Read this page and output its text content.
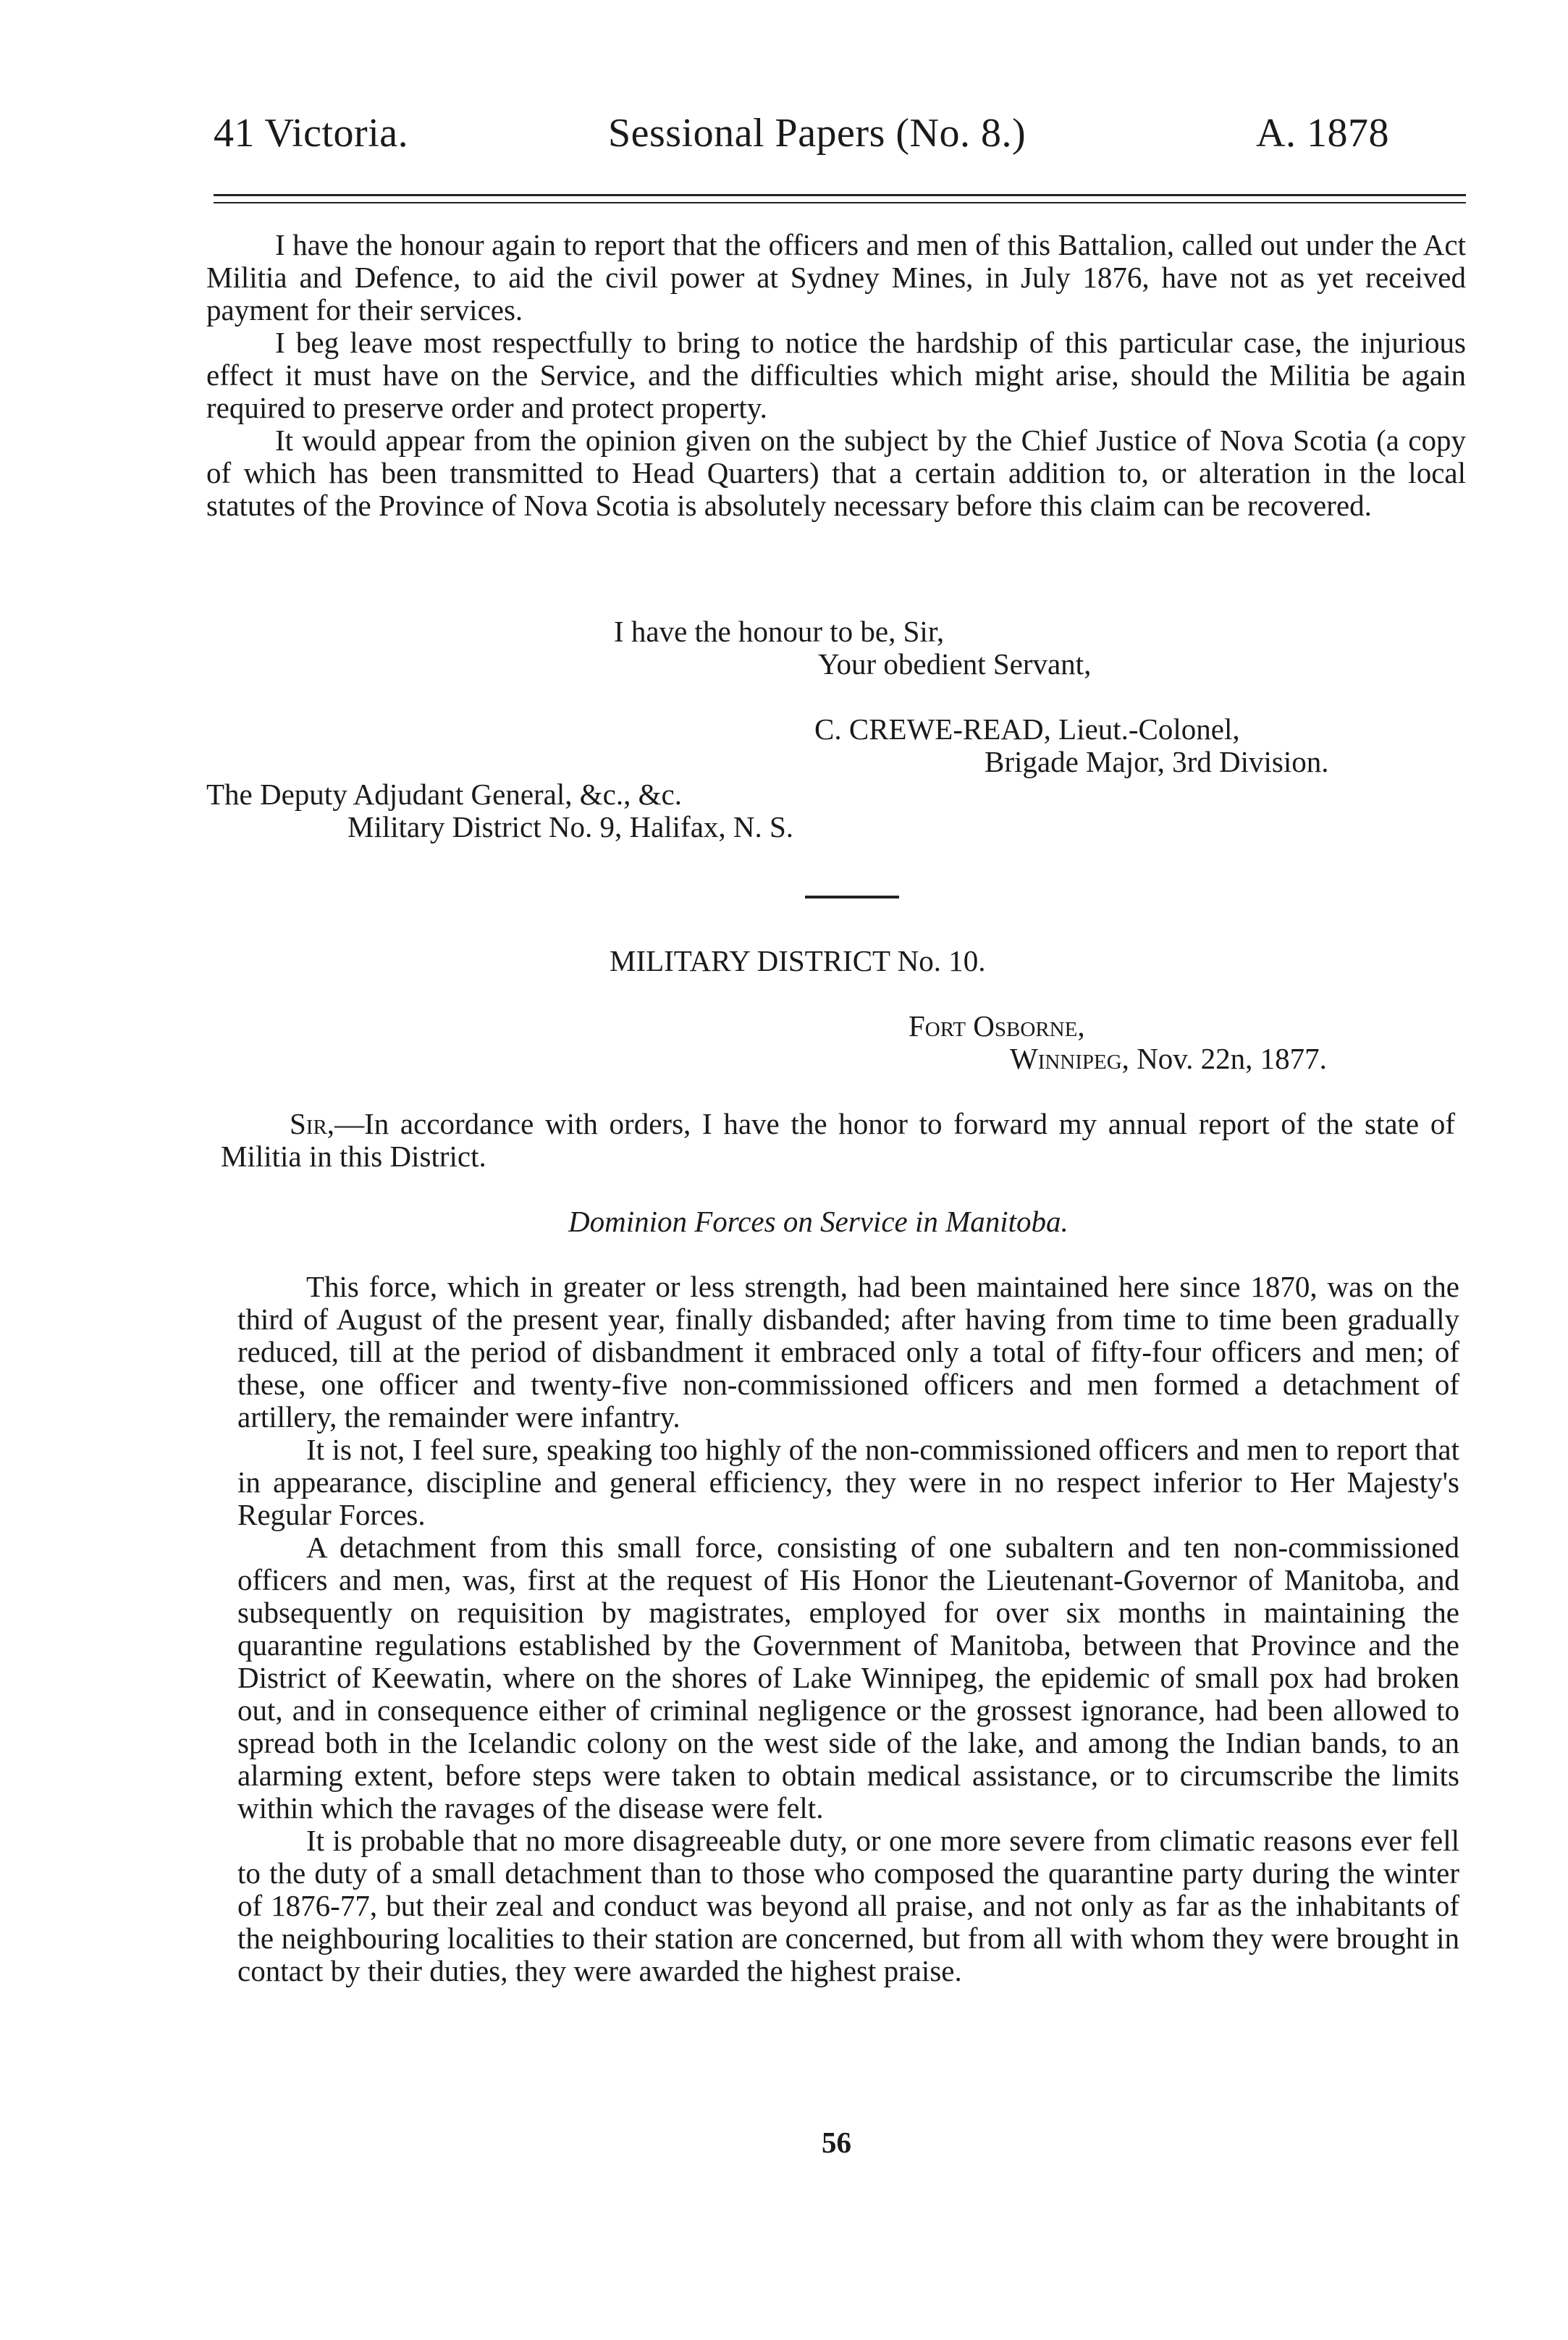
41 Victoria.	Sessional Papers (No. 8.)	A. 1878

I have the honour again to report that the officers and men of this Battalion, called out under the Act Militia and Defence, to aid the civil power at Sydney Mines, in July 1876, have not as yet received payment for their services.

I beg leave most respectfully to bring to notice the hardship of this particular case, the injurious effect it must have on the Service, and the difficulties which might arise, should the Militia be again required to preserve order and protect property.

It would appear from the opinion given on the subject by the Chief Justice of Nova Scotia (a copy of which has been transmitted to Head Quarters) that a certain addition to, or alteration in the local statutes of the Province of Nova Scotia is absolutely necessary before this claim can be recovered.

I have the honour to be, Sir,
Your obedient Servant,
C. CREWE-READ, Lieut.-Colonel,
Brigade Major, 3rd Division.
The Deputy Adjudant General, &c., &c.
Military District No. 9, Halifax, N. S.
MILITARY DISTRICT No. 10.
Fort Osborne,
Winnipeg, Nov. 22n, 1877.

Sir,—In accordance with orders, I have the honor to forward my annual report of the state of Militia in this District.

Dominion Forces on Service in Manitoba.

This force, which in greater or less strength, had been maintained here since 1870, was on the third of August of the present year, finally disbanded; after having from time to time been gradually reduced, till at the period of disbandment it embraced only a total of fifty-four officers and men; of these, one officer and twenty-five non-commissioned officers and men formed a detachment of artillery, the remainder were infantry.

It is not, I feel sure, speaking too highly of the non-commissioned officers and men to report that in appearance, discipline and general efficiency, they were in no respect inferior to Her Majesty's Regular Forces.

A detachment from this small force, consisting of one subaltern and ten non-commissioned officers and men, was, first at the request of His Honor the Lieutenant-Governor of Manitoba, and subsequently on requisition by magistrates, employed for over six months in maintaining the quarantine regulations established by the Government of Manitoba, between that Province and the District of Keewatin, where on the shores of Lake Winnipeg, the epidemic of small pox had broken out, and in consequence either of criminal negligence or the grossest ignorance, had been allowed to spread both in the Icelandic colony on the west side of the lake, and among the Indian bands, to an alarming extent, before steps were taken to obtain medical assistance, or to circumscribe the limits within which the ravages of the disease were felt.

It is probable that no more disagreeable duty, or one more severe from climatic reasons ever fell to the duty of a small detachment than to those who composed the quarantine party during the winter of 1876-77, but their zeal and conduct was beyond all praise, and not only as far as the inhabitants of the neighbouring localities to their station are concerned, but from all with whom they were brought in contact by their duties, they were awarded the highest praise.

56
